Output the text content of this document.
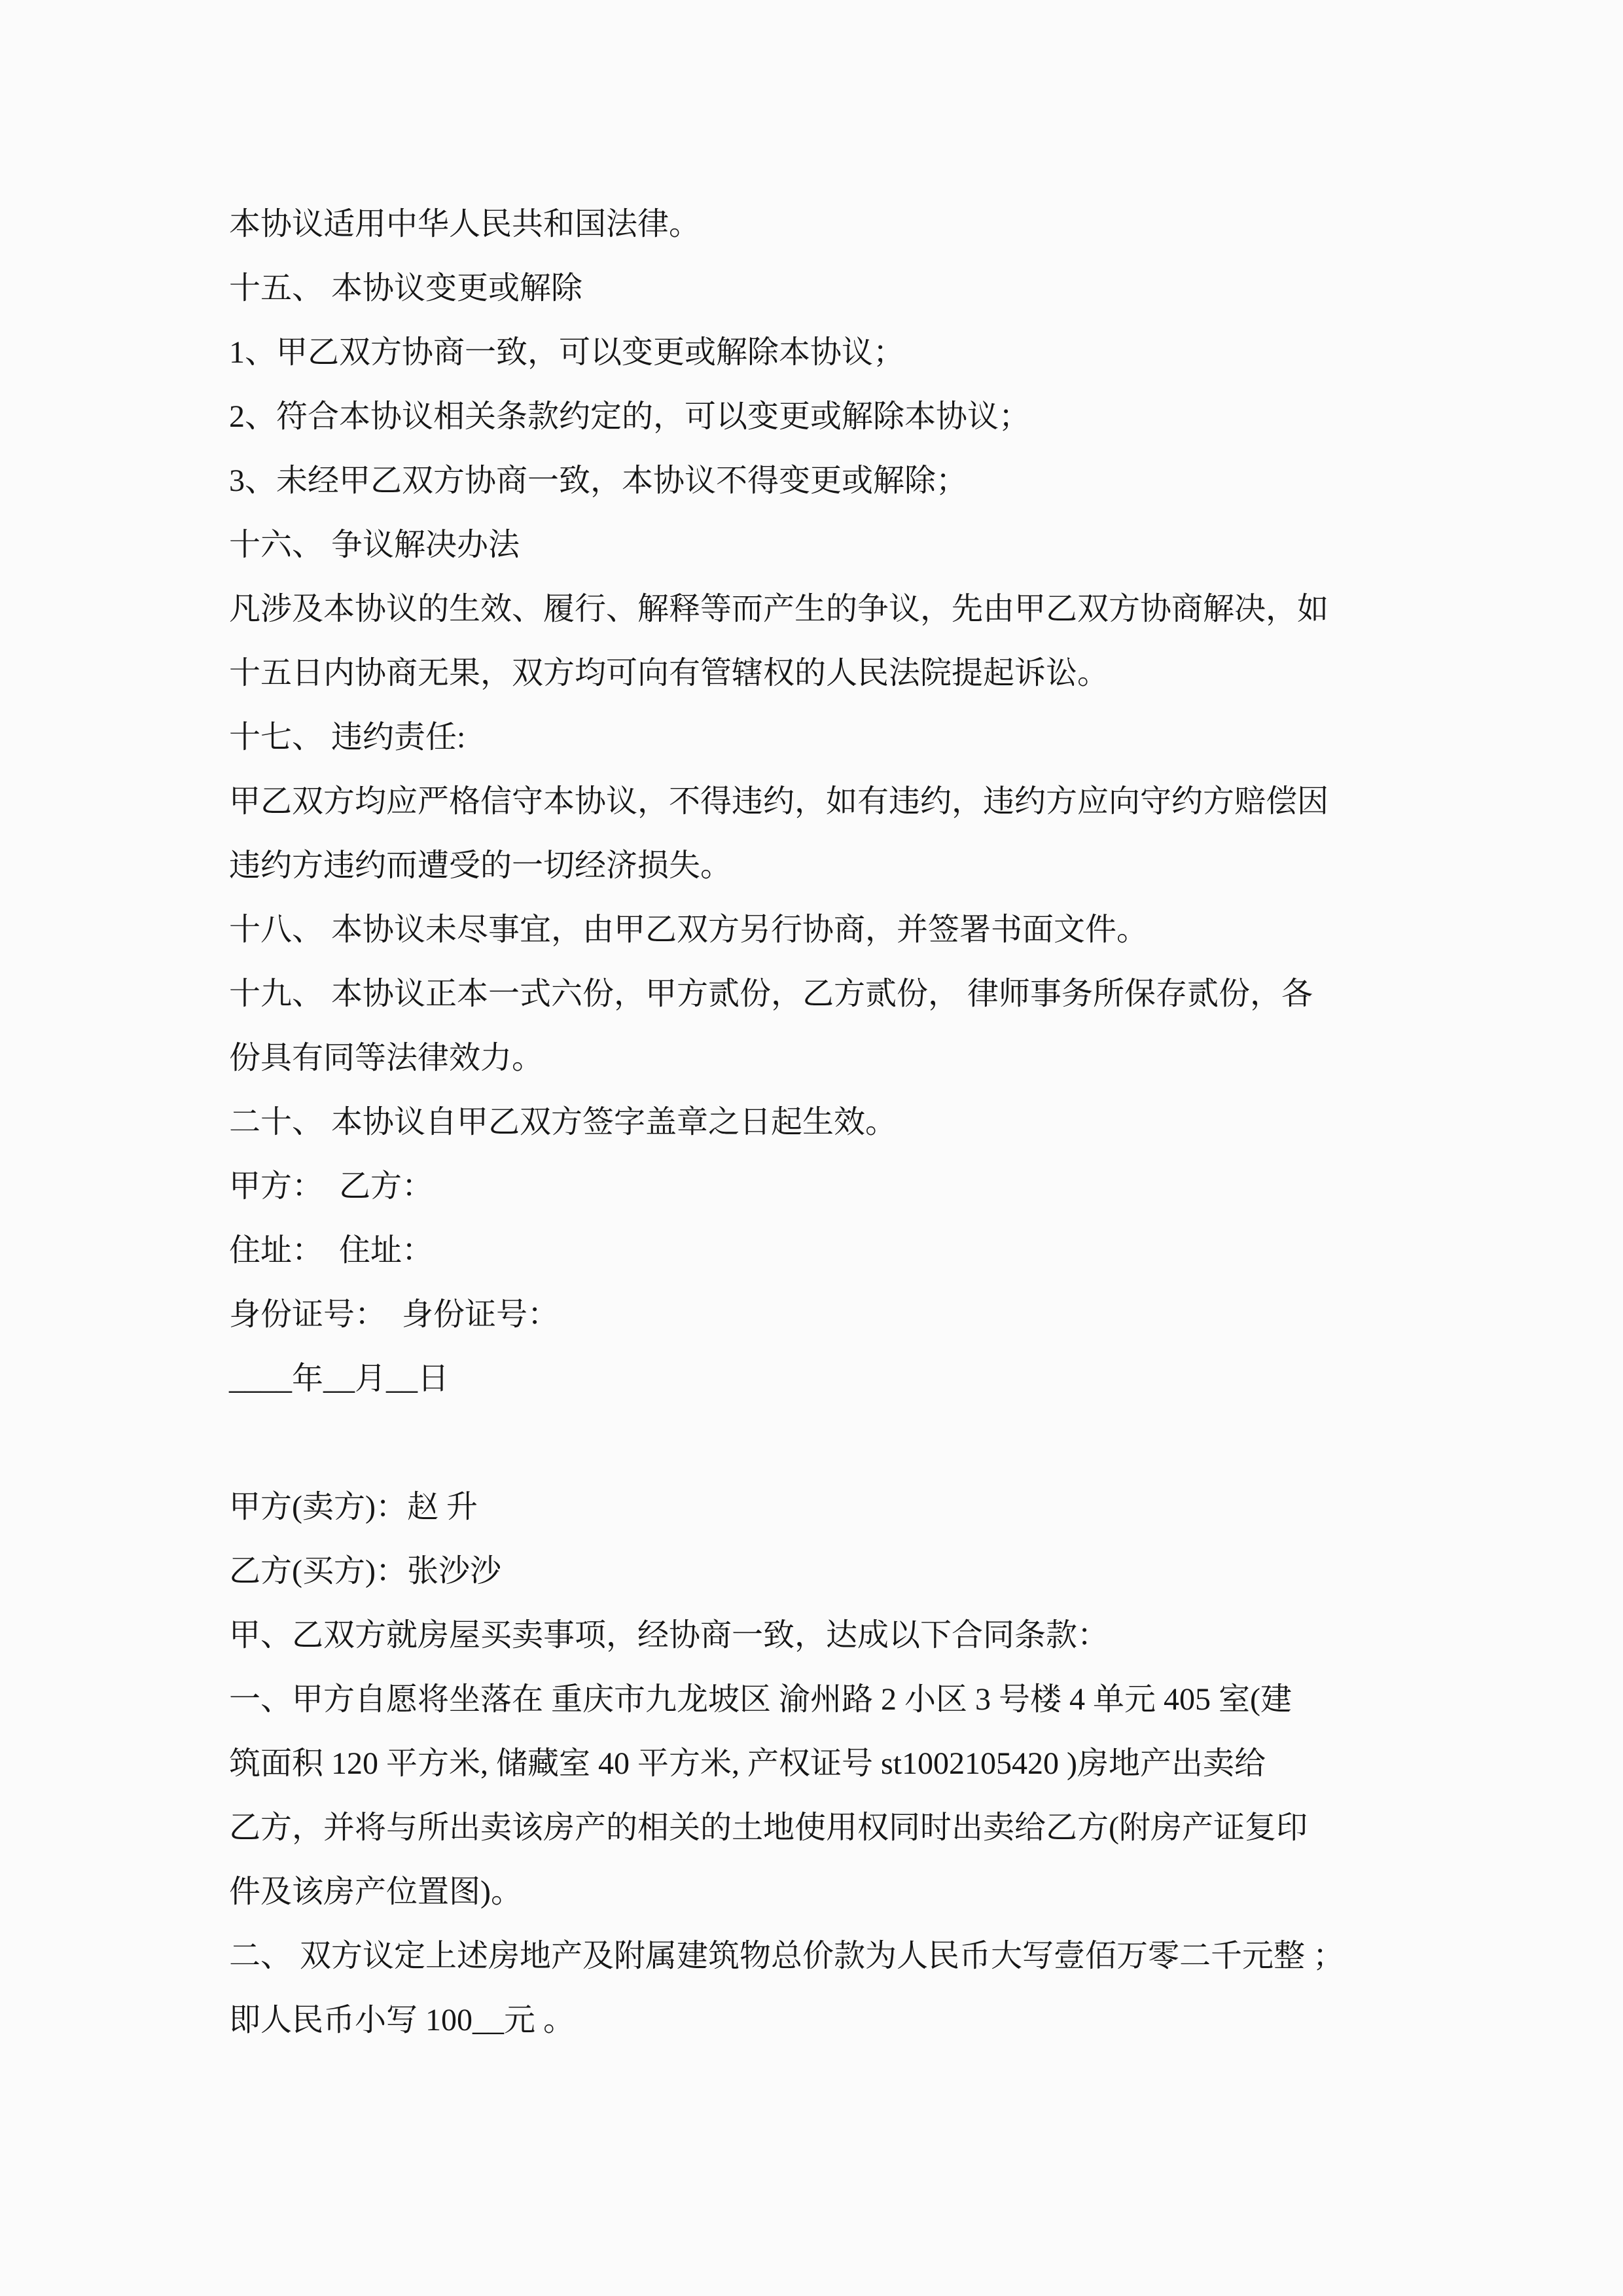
本协议适用中华人民共和国法律。

十五、 本协议变更或解除

1、甲乙双方协商一致，可以变更或解除本协议；

2、符合本协议相关条款约定的，可以变更或解除本协议；

3、未经甲乙双方协商一致，本协议不得变更或解除；

十六、 争议解决办法

凡涉及本协议的生效、履行、解释等而产生的争议，先由甲乙双方协商解决，如

十五日内协商无果，双方均可向有管辖权的人民法院提起诉讼。

十七、 违约责任:

甲乙双方均应严格信守本协议，不得违约，如有违约，违约方应向守约方赔偿因

违约方违约而遭受的一切经济损失。

十八、 本协议未尽事宜，由甲乙双方另行协商，并签署书面文件。

十九、 本协议正本一式六份，甲方贰份，乙方贰份， 律师事务所保存贰份，各

份具有同等法律效力。

二十、 本协议自甲乙双方签字盖章之日起生效。

甲方：  乙方：

住址：  住址：

身份证号：  身份证号：

____年__月__日

甲方(卖方)：赵 升

乙方(买方)：张沙沙

甲、乙双方就房屋买卖事项，经协商一致，达成以下合同条款：

一、甲方自愿将坐落在 重庆市九龙坡区 渝州路 2 小区 3 号楼 4 单元 405 室(建

筑面积 120 平方米, 储藏室 40 平方米, 产权证号 st1002105420 )房地产出卖给

乙方，并将与所出卖该房产的相关的土地使用权同时出卖给乙方(附房产证复印

件及该房产位置图)。

二、 双方议定上述房地产及附属建筑物总价款为人民币大写壹佰万零二千元整 ；

即人民币小写 100__元 。
